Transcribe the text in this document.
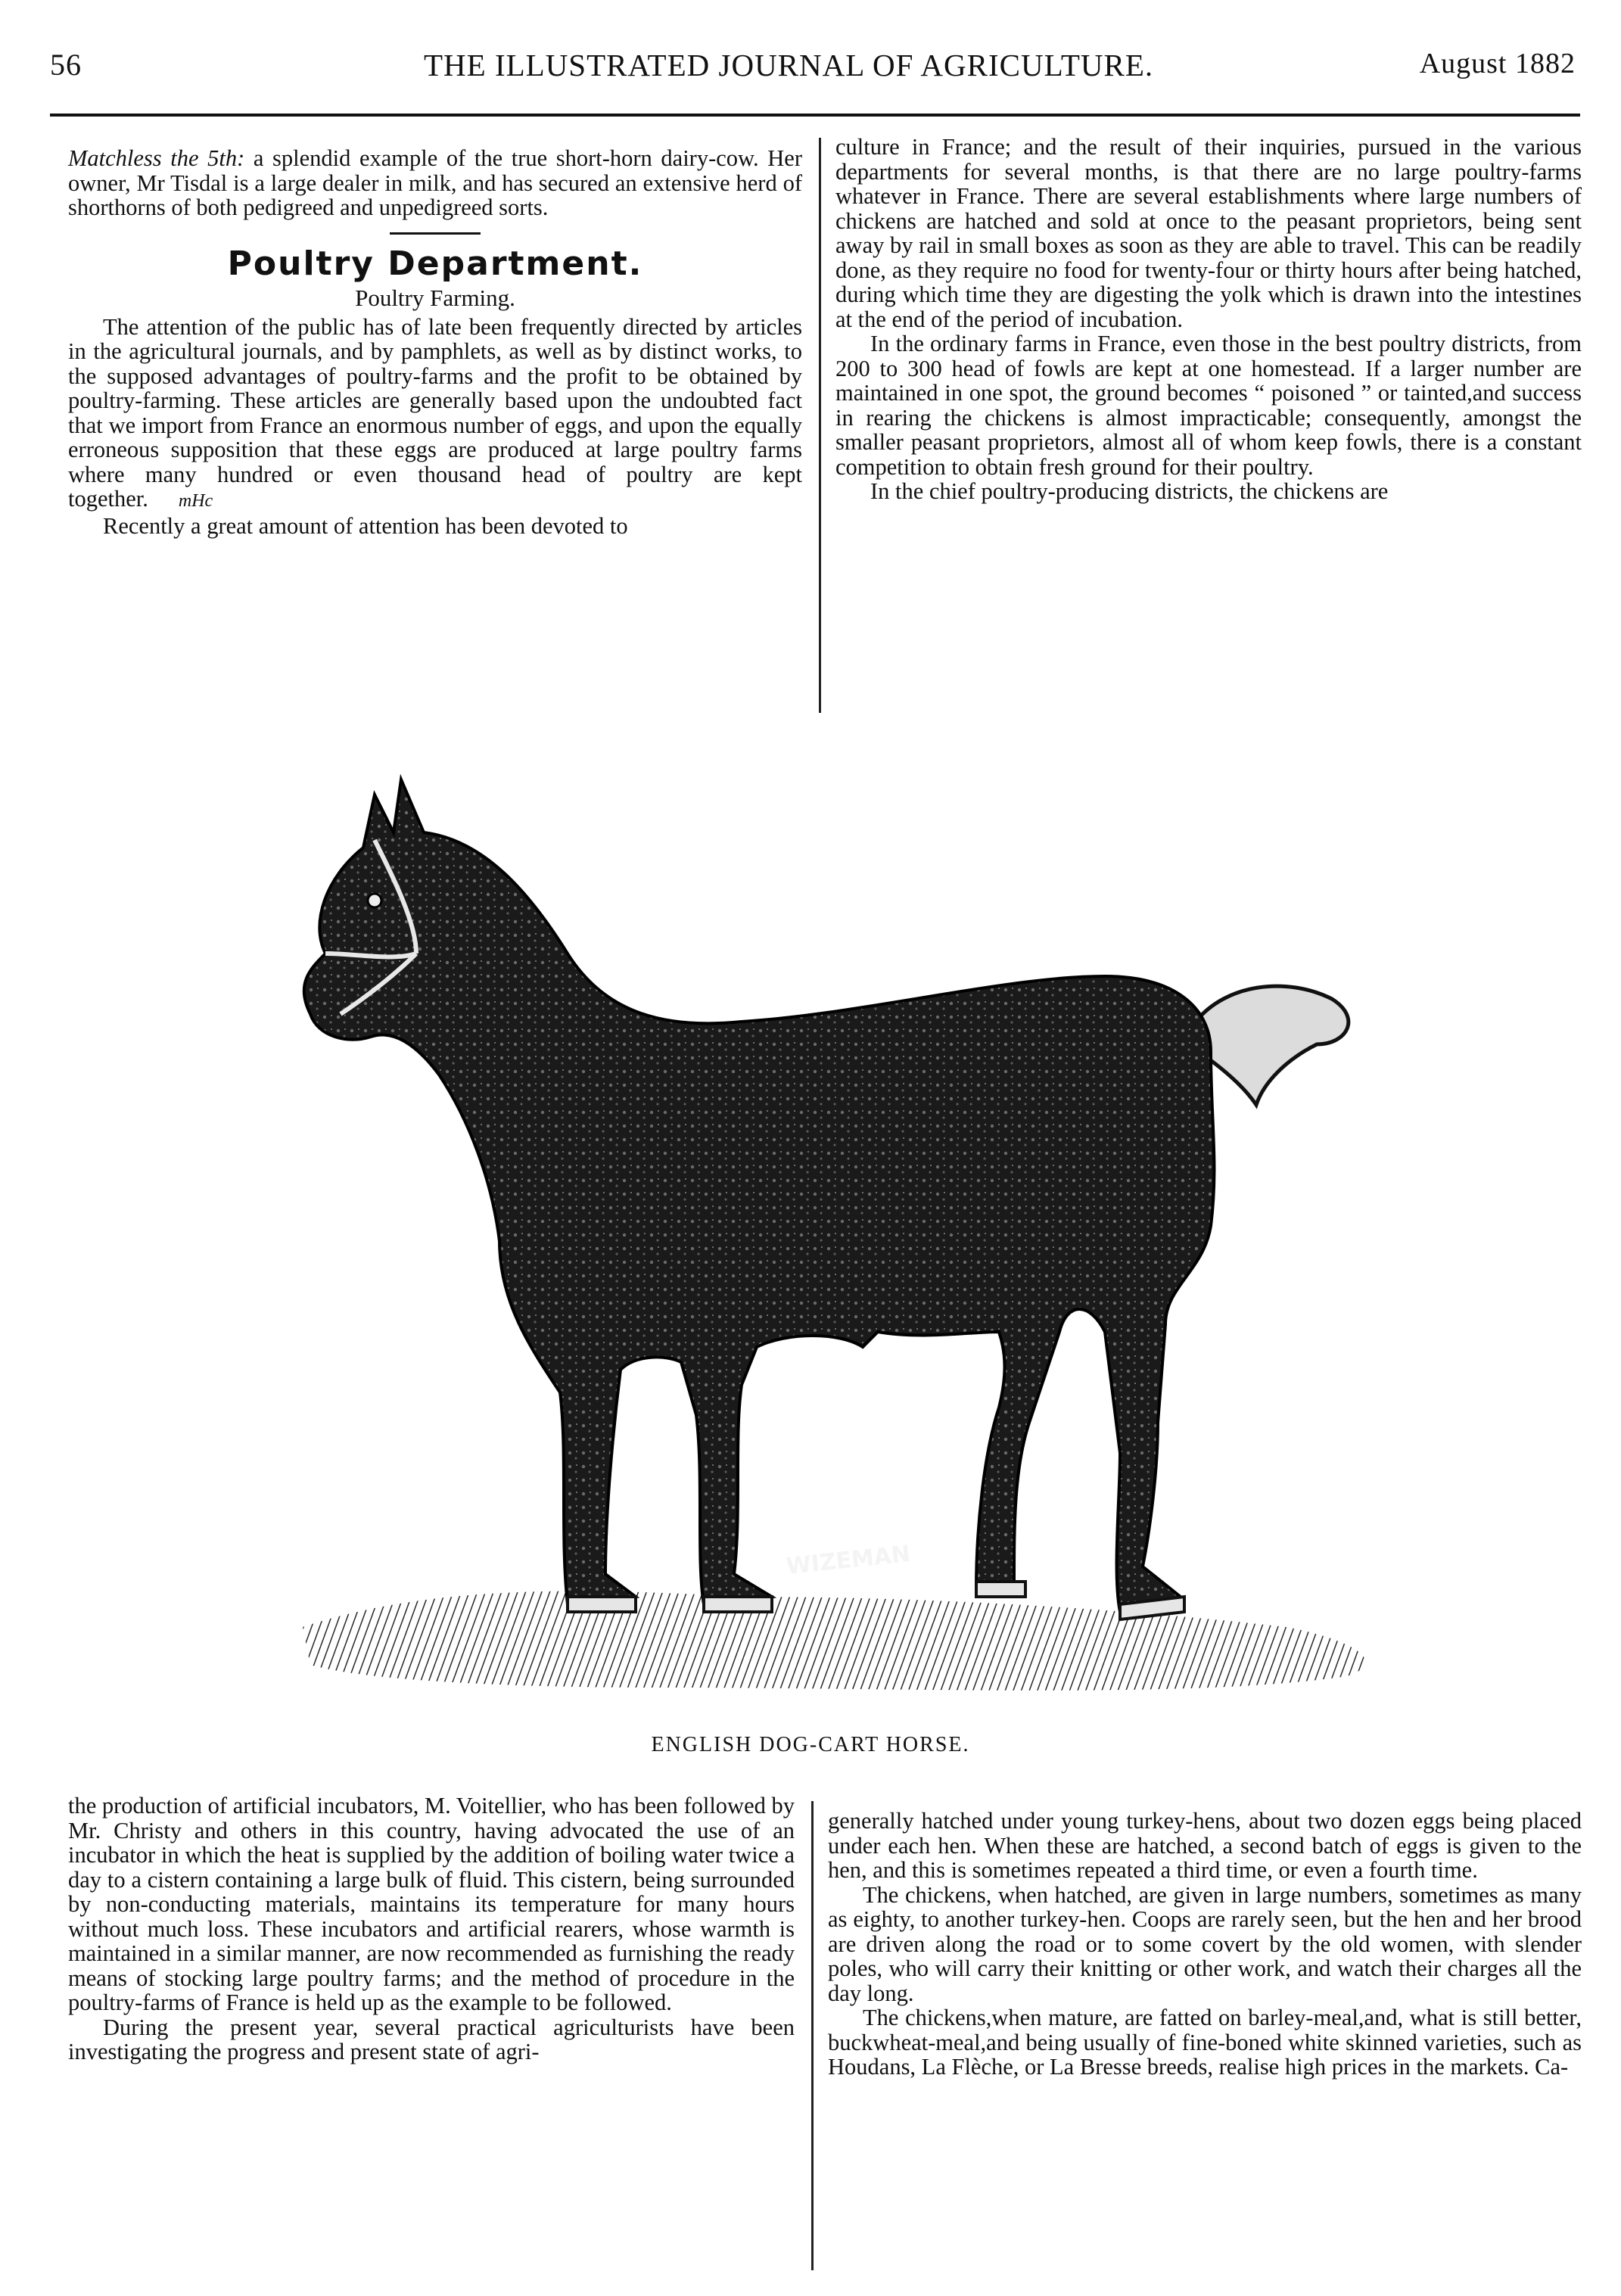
56	THE ILLUSTRATED JOURNAL OF AGRICULTURE.	August 1882

Matchless the 5th: a splendid example of the true short-horn dairy-cow. Her owner, Mr Tisdal is a large dealer in milk, and has secured an extensive herd of shorthorns of both pedigreed and unpedigreed sorts.

Poultry Department.
Poultry Farming.

The attention of the public has of late been frequently directed by articles in the agricultural journals, and by pamphlets, as well as by distinct works, to the supposed advantages of poultry-farms and the profit to be obtained by poultry-farming. These articles are generally based upon the undoubted fact that we import from France an enormous number of eggs, and upon the equally erroneous supposition that these eggs are produced at large poultry farms where many hundred or even thousand head of poultry are kept together. mHc

Recently a great amount of attention has been devoted to

culture in France; and the result of their inquiries, pursued in the various departments for several months, is that there are no large poultry-farms whatever in France. There are several establishments where large numbers of chickens are hatched and sold at once to the peasant proprietors, being sent away by rail in small boxes as soon as they are able to travel. This can be readily done, as they require no food for twenty-four or thirty hours after being hatched, during which time they are digesting the yolk which is drawn into the intestines at the end of the period of incubation.

In the ordinary farms in France, even those in the best poultry districts, from 200 to 300 head of fowls are kept at one homestead. If a larger number are maintained in one spot, the ground becomes “ poisoned ” or tainted,and success in rearing the chickens is almost impracticable; consequently, amongst the smaller peasant proprietors, almost all of whom keep fowls, there is a constant competition to obtain fresh ground for their poultry.

In the chief poultry-producing districts, the chickens are

WIZEMAN
ENGLISH DOG-CART HORSE.

the production of artificial incubators, M. Voitellier, who has been followed by Mr. Christy and others in this country, having advocated the use of an incubator in which the heat is supplied by the addition of boiling water twice a day to a cistern containing a large bulk of fluid. This cistern, being surrounded by non-conducting materials, maintains its temperature for many hours without much loss. These incubators and artificial rearers, whose warmth is maintained in a similar manner, are now recommended as furnishing the ready means of stocking large poultry farms; and the method of procedure in the poultry-farms of France is held up as the example to be followed.

During the present year, several practical agriculturists have been investigating the progress and present state of agri-

generally hatched under young turkey-hens, about two dozen eggs being placed under each hen. When these are hatched, a second batch of eggs is given to the hen, and this is sometimes repeated a third time, or even a fourth time.

The chickens, when hatched, are given in large numbers, sometimes as many as eighty, to another turkey-hen. Coops are rarely seen, but the hen and her brood are driven along the road or to some covert by the old women, with slender poles, who will carry their knitting or other work, and watch their charges all the day long.

The chickens,when mature, are fatted on barley-meal,and, what is still better, buckwheat-meal,and being usually of fine-boned white skinned varieties, such as Houdans, La Flèche, or La Bresse breeds, realise high prices in the markets. Ca-
